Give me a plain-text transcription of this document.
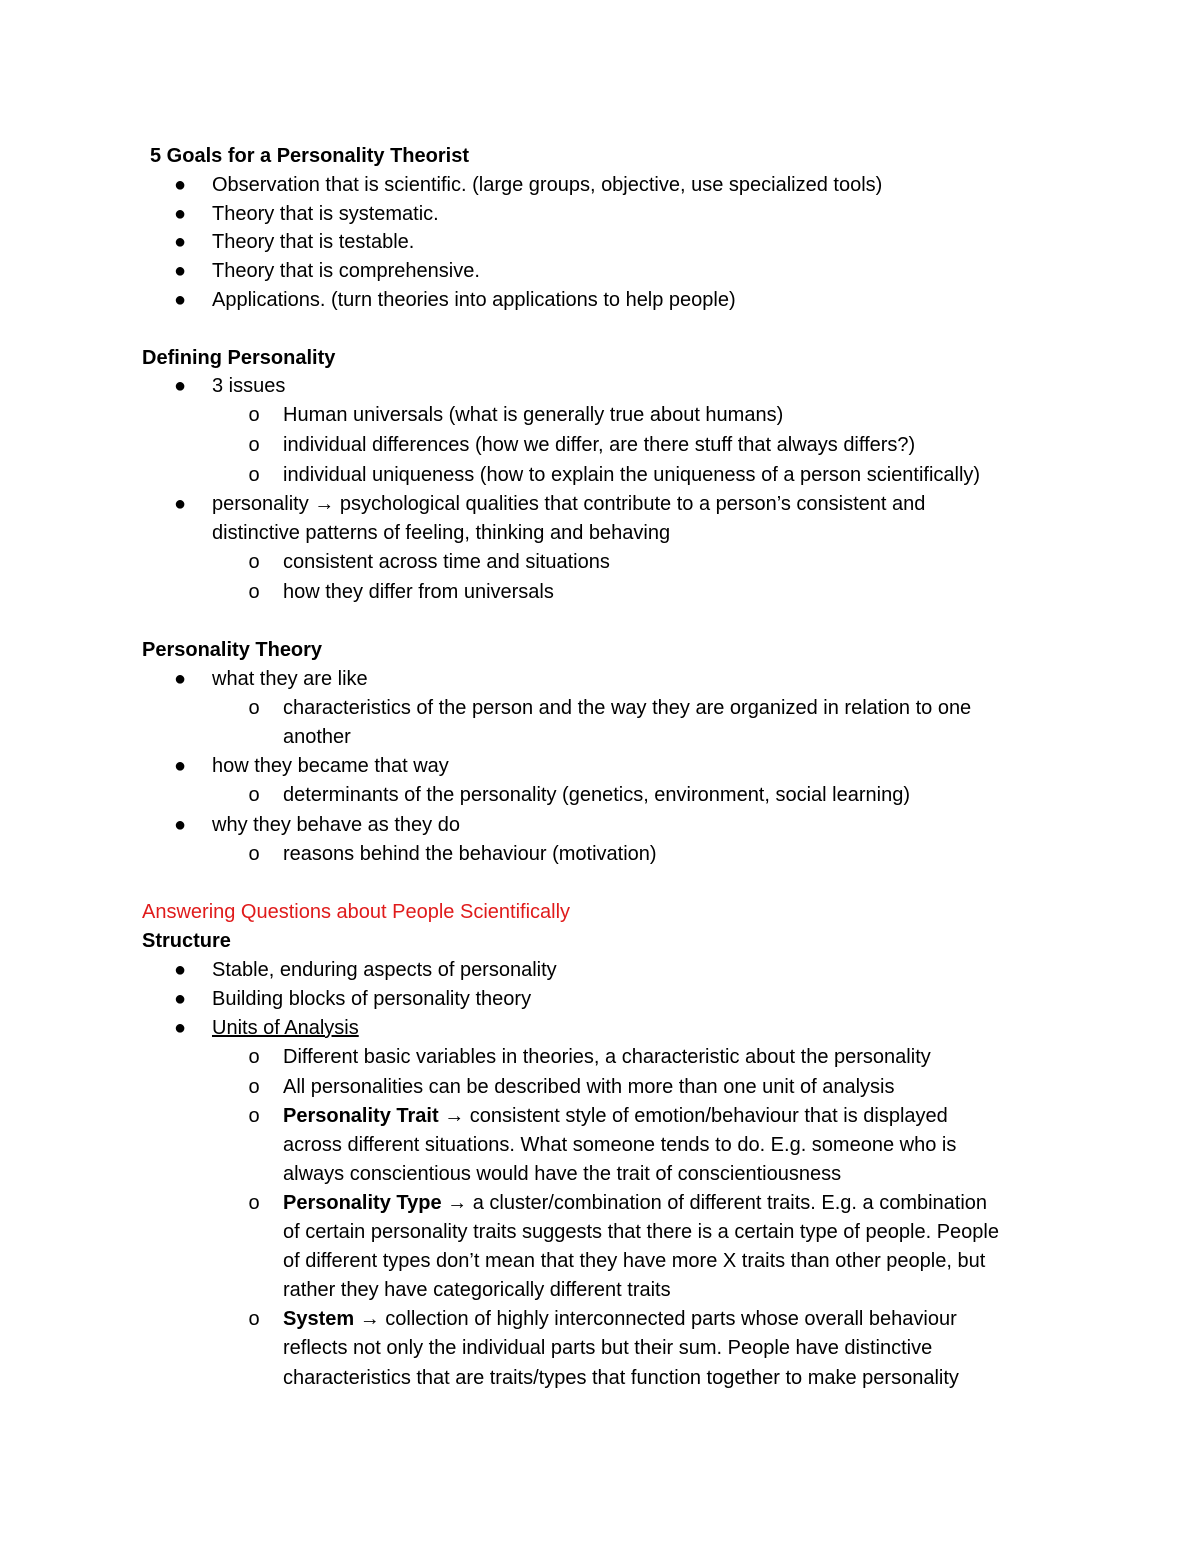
5 Goals for a Personality Theorist
● Observation that is scientific. (large groups, objective, use specialized tools)
● Theory that is systematic.
● Theory that is testable.
● Theory that is comprehensive.
● Applications. (turn theories into applications to help people)
Defining Personality
● 3 issues
o Human universals (what is generally true about humans)
o individual differences (how we differ, are there stuff that always differs?)
o individual uniqueness (how to explain the uniqueness of a person scientifically)
● personality → psychological qualities that contribute to a person’s consistent and
distinctive patterns of feeling, thinking and behaving
o consistent across time and situations
o how they differ from universals
Personality Theory
● what they are like
o characteristics of the person and the way they are organized in relation to one
another
● how they became that way
o determinants of the personality (genetics, environment, social learning)
● why they behave as they do
o reasons behind the behaviour (motivation)
Answering Questions about People Scientifically
Structure
● Stable, enduring aspects of personality
● Building blocks of personality theory
● Units of Analysis
o Different basic variables in theories, a characteristic about the personality
o All personalities can be described with more than one unit of analysis
o Personality Trait → consistent style of emotion/behaviour that is displayed
across different situations. What someone tends to do. E.g. someone who is
always conscientious would have the trait of conscientiousness
o Personality Type → a cluster/combination of different traits. E.g. a combination
of certain personality traits suggests that there is a certain type of people. People
of different types don’t mean that they have more X traits than other people, but
rather they have categorically different traits
o System → collection of highly interconnected parts whose overall behaviour
reflects not only the individual parts but their sum. People have distinctive
characteristics that are traits/types that function together to make personality
